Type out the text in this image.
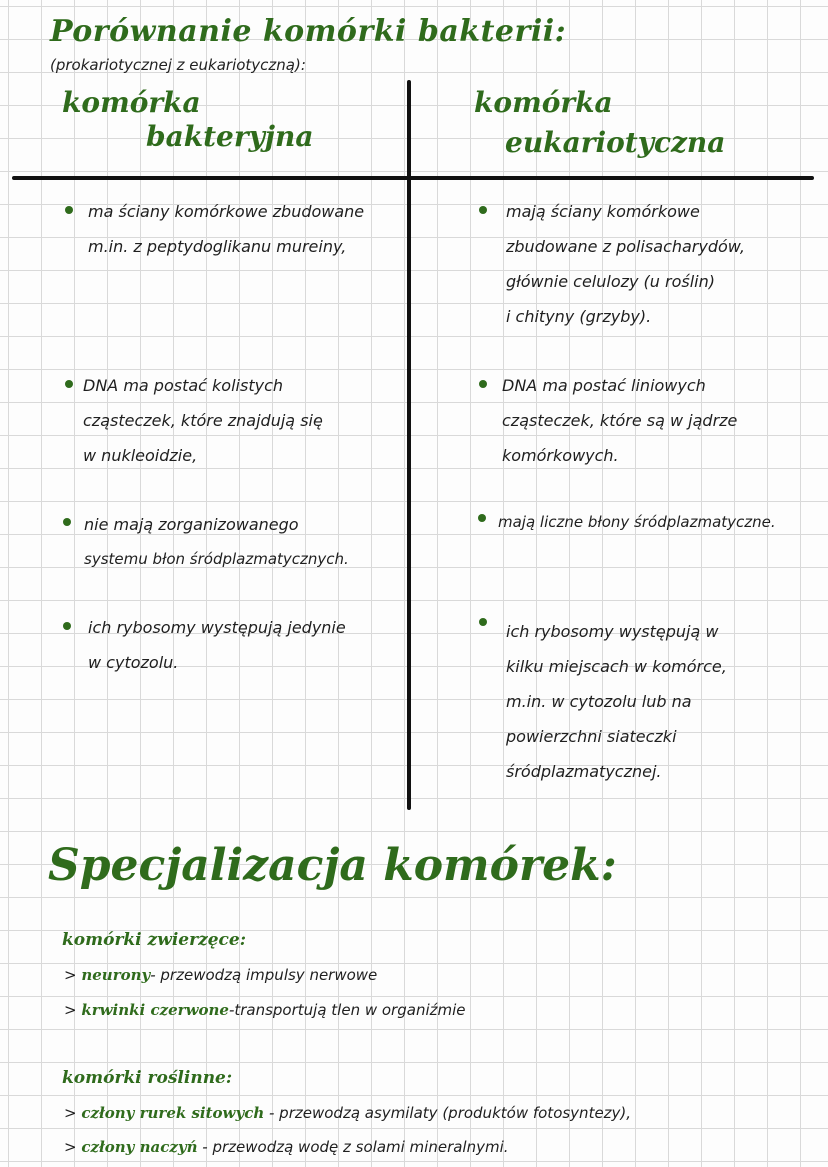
Porównanie komórki bakterii:
(prokariotycznej z eukariotyczną):
komórka
bakteryjna
komórka
eukariotyczna
ma ściany komórkowe zbudowane
m.in. z peptydoglikanu mureiny,
DNA ma postać kolistych
cząsteczek, które znajdują się
w nukleoidzie,
nie mają zorganizowanego
systemu błon śródplazmatycznych.
ich rybosomy występują jedynie
w cytozolu.
mają ściany komórkowe
zbudowane z polisacharydów,
głównie celulozy (u roślin)
i chityny (grzyby).
DNA ma postać liniowych
cząsteczek, które są w jądrze
komórkowych.
mają liczne błony śródplazmatyczne.
ich rybosomy występują w
kilku miejscach w komórce,
m.in. w cytozolu lub na
powierzchni siateczki
śródplazmatycznej.
Specjalizacja komórek:
komórki zwierzęce:
> neurony- przewodzą impulsy nerwowe
> krwinki czerwone-transportują tlen w organiźmie
komórki roślinne:
> człony rurek sitowych - przewodzą asymilaty (produktów fotosyntezy),
> człony naczyń - przewodzą wodę z solami mineralnymi.
